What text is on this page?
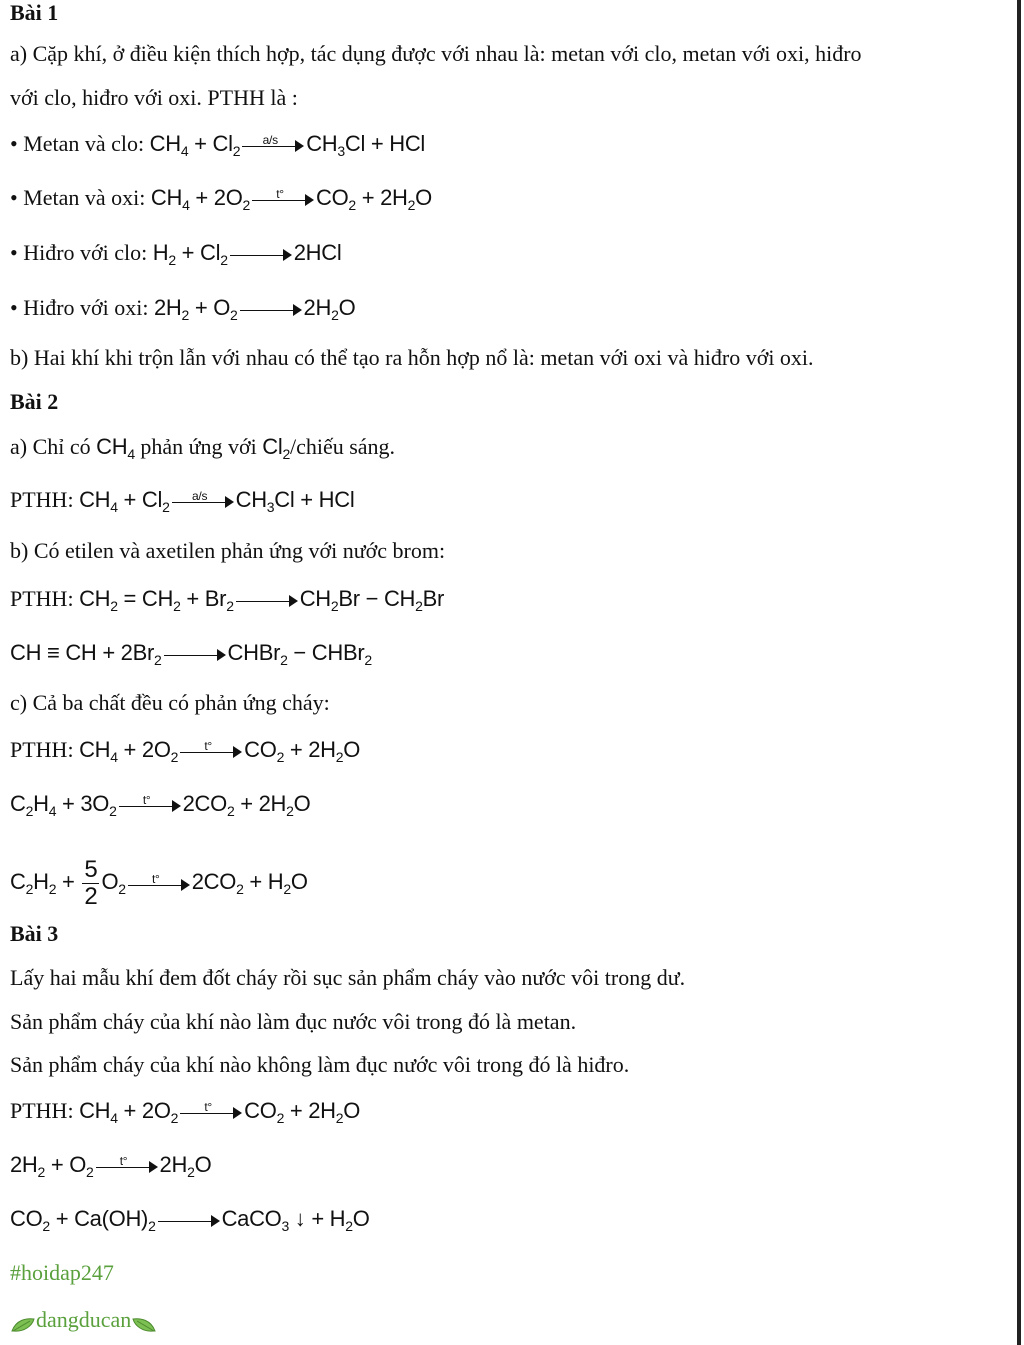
Bài 1
a) Cặp khí, ở điều kiện thích hợp, tác dụng được với nhau là: metan với clo, metan với oxi, hiđro
với clo, hiđro với oxi. PTHH là :
• Metan và clo: $CH_4 + Cl_2$
a/s	$CH_3Cl$ + HCl
• Metan và oxi: $CH_4 + 2O_2$
t°	$CO_2 + 2H_2O$
• Hiđro với clo: $H_2 + Cl_2$	2HCl
• Hiđro với oxi: $2H_2 + O_2$	$2H_2O$
b) Hai khí khi trộn lẫn với nhau có thể tạo ra hỗn hợp nổ là: metan với oxi và hiđro với oxi.
Bài 2
a) Chỉ có $CH_4$ phản ứng với $Cl_2$/chiếu sáng.
PTHH: $CH_4 + Cl_2$
a/s	$CH_3Cl$ + HCl
b) Có etilen và axetilen phản ứng với nước brom:
PTHH: $CH_2 = CH_2 + Br_2$	$CH_2Br - CH_2Br$
CH ≡ CH + $2Br_2$	CHBr$_2$ − CHBr$_2$
c) Cả ba chất đều có phản ứng cháy:
PTHH: $CH_4 + 2O_2$
t°	$CO_2 + 2H_2O$
$C_2H_4 + 3O_2$
t°	$2CO_2 + 2H_2O$
$C_2H_2 + \frac{5}{2} O_2$
t°	$2CO_2 + H_2O$
Bài 3
Lấy hai mẫu khí đem đốt cháy rồi sục sản phẩm cháy vào nước vôi trong dư.
Sản phẩm cháy của khí nào làm đục nước vôi trong đó là metan.
Sản phẩm cháy của khí nào không làm đục nước vôi trong đó là hiđro.
PTHH: $CH_4 + 2O_2$
t°	$CO_2 + 2H_2O$
$2H_2 + O_2$
t°	$2H_2O$
$CO_2 + Ca(OH)_2$	CaCO$_3$ ↓ + $H_2O$
#hoidap247
dangducan
